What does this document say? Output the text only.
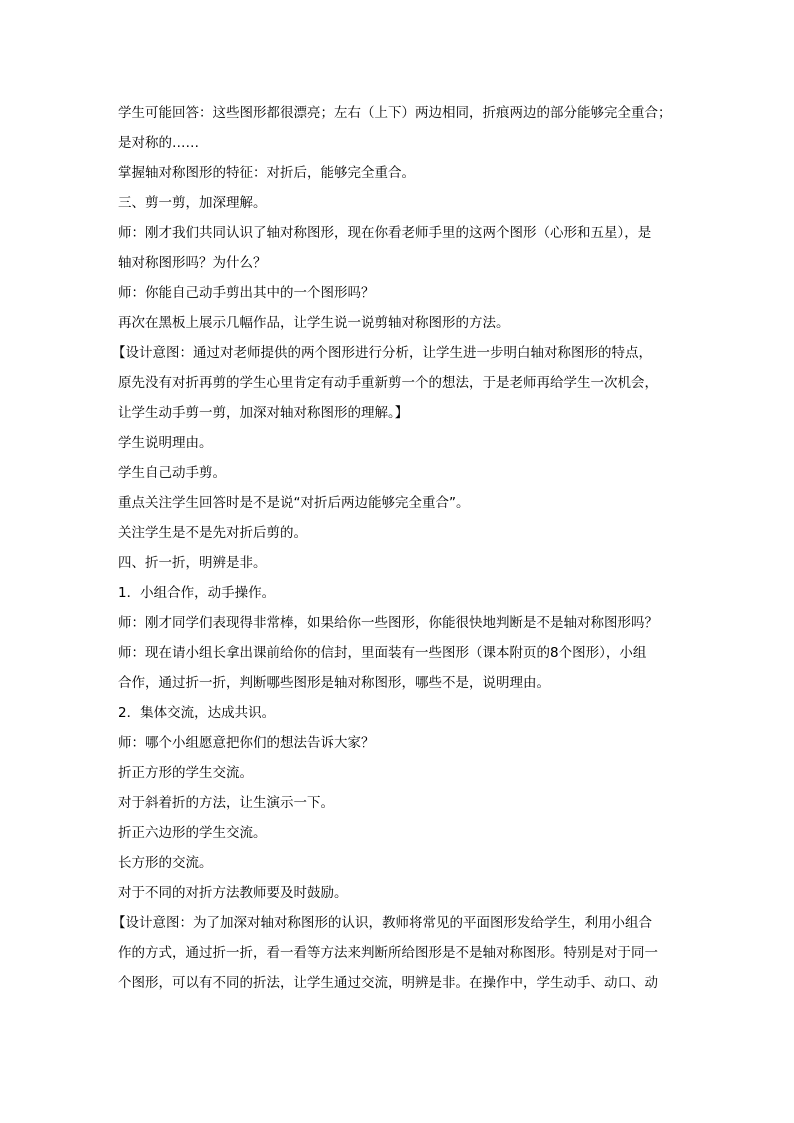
学生可能回答：这些图形都很漂亮；左右（上下）两边相同，折痕两边的部分能够完全重合；
是对称的……
掌握轴对称图形的特征：对折后，能够完全重合。
三、剪一剪，加深理解。
师：刚才我们共同认识了轴对称图形，现在你看老师手里的这两个图形（心形和五星），是
轴对称图形吗？为什么？
师：你能自己动手剪出其中的一个图形吗？
再次在黑板上展示几幅作品，让学生说一说剪轴对称图形的方法。
【设计意图：通过对老师提供的两个图形进行分析，让学生进一步明白轴对称图形的特点，
原先没有对折再剪的学生心里肯定有动手重新剪一个的想法，于是老师再给学生一次机会，
让学生动手剪一剪，加深对轴对称图形的理解。】
学生说明理由。
学生自己动手剪。
重点关注学生回答时是不是说“对折后两边能够完全重合”。
关注学生是不是先对折后剪的。
四、折一折，明辨是非。
1．小组合作，动手操作。
师：刚才同学们表现得非常棒，如果给你一些图形，你能很快地判断是不是轴对称图形吗？
师：现在请小组长拿出课前给你的信封，里面装有一些图形（课本附页的8个图形），小组
合作，通过折一折，判断哪些图形是轴对称图形，哪些不是，说明理由。
2．集体交流，达成共识。
师：哪个小组愿意把你们的想法告诉大家？
折正方形的学生交流。
对于斜着折的方法，让生演示一下。
折正六边形的学生交流。
长方形的交流。
对于不同的对折方法教师要及时鼓励。
【设计意图：为了加深对轴对称图形的认识，教师将常见的平面图形发给学生，利用小组合
作的方式，通过折一折，看一看等方法来判断所给图形是不是轴对称图形。特别是对于同一
个图形，可以有不同的折法，让学生通过交流，明辨是非。在操作中，学生动手、动口、动
